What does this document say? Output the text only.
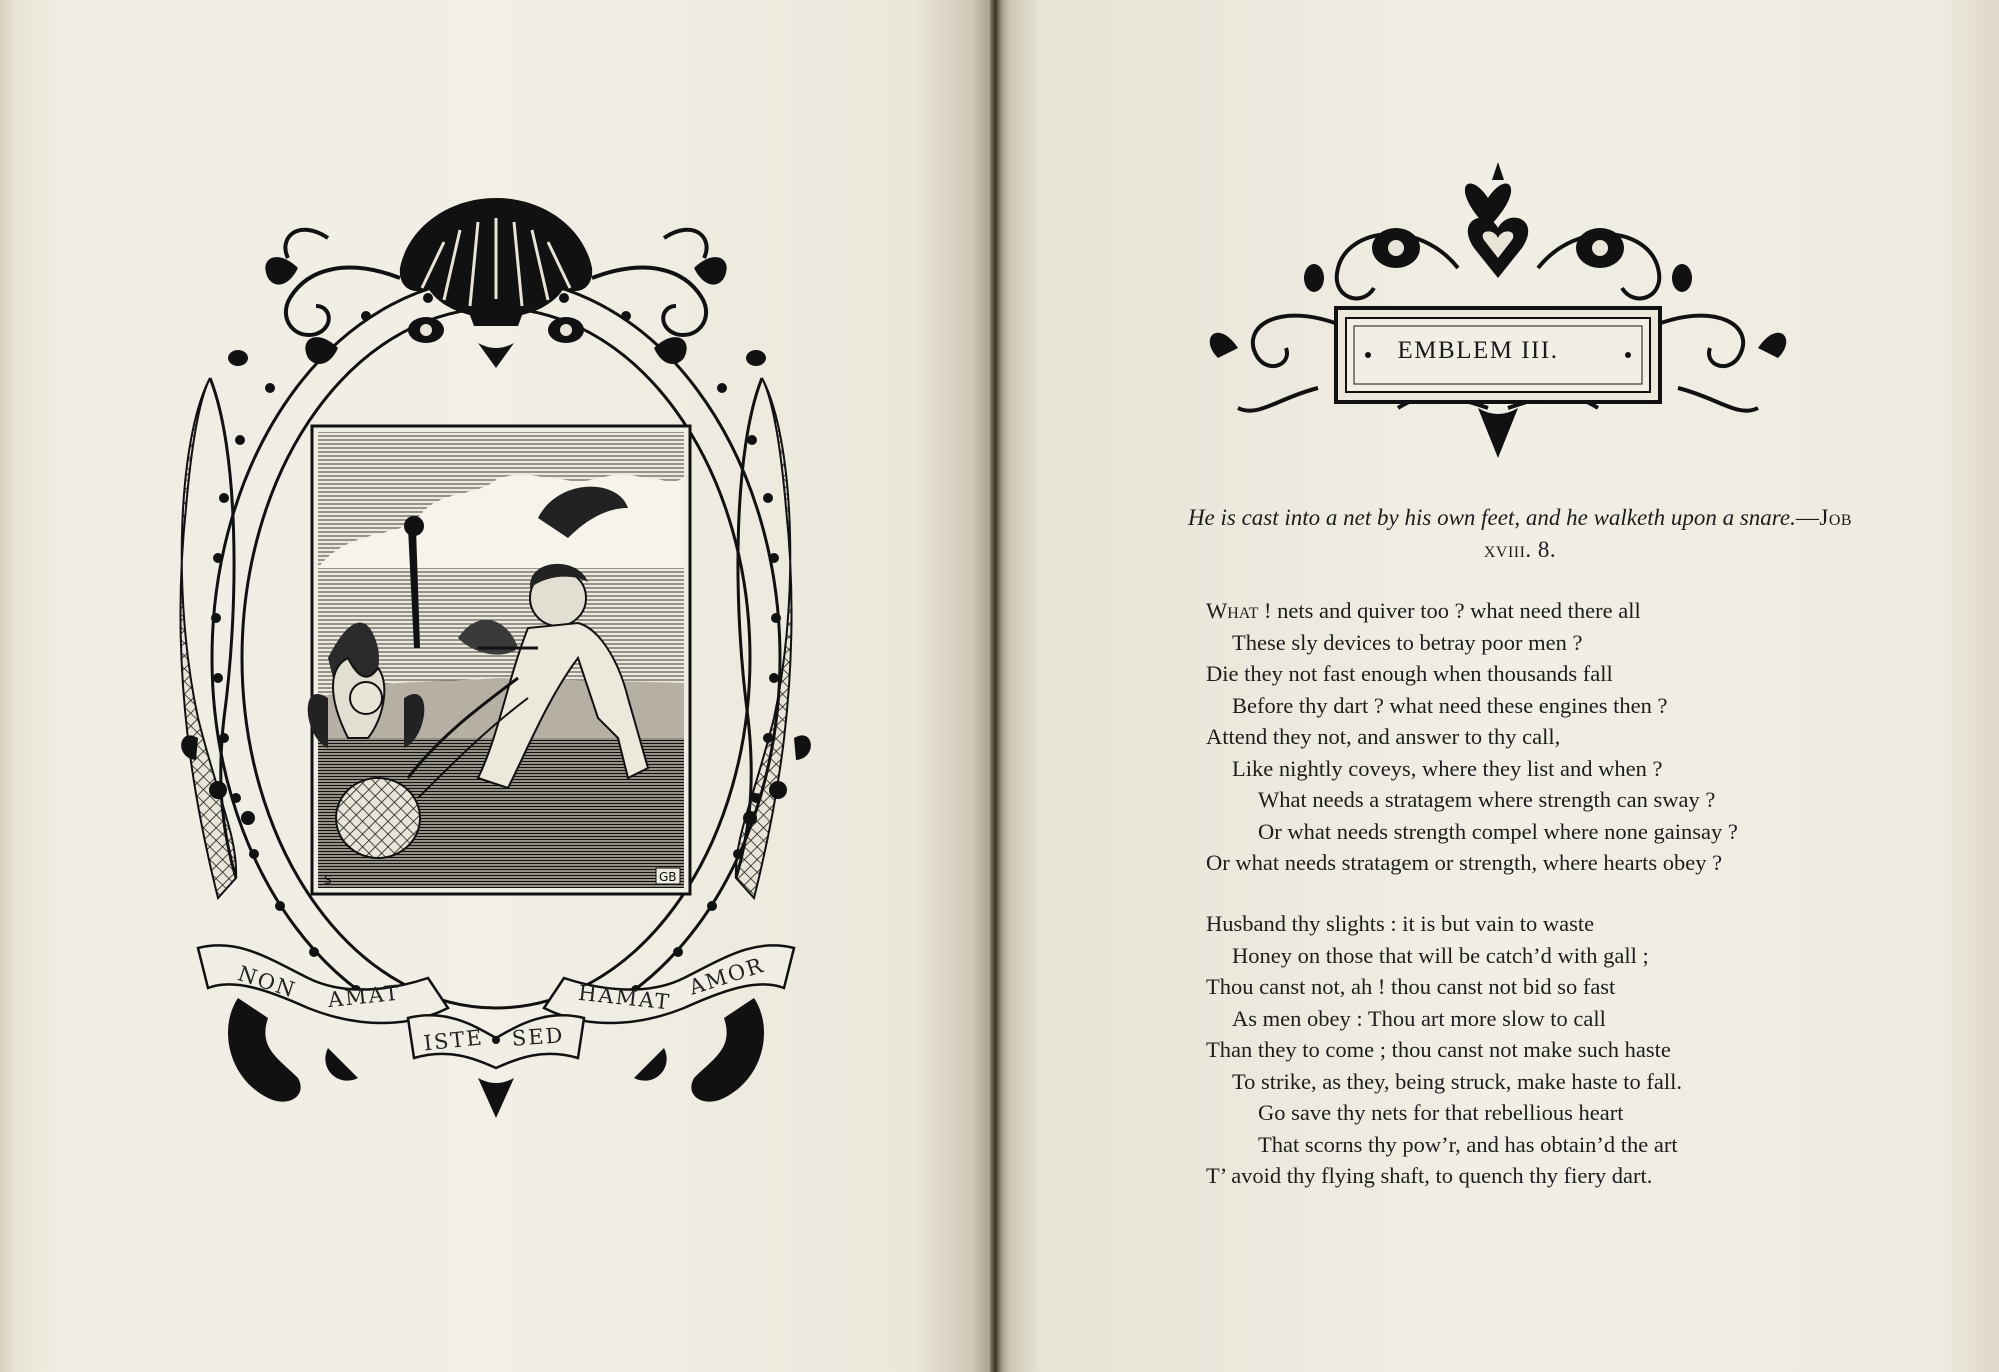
S	GB
NON AMAT	HAMAT AMOR
ISTE SED
EMBLEM III.
He is cast into a net by his own feet, and he walketh upon a snare.—Job xviii. 8.
What ! nets and quiver too ? what need there all
These sly devices to betray poor men ?
Die they not fast enough when thousands fall
Before thy dart ? what need these engines then ?
Attend they not, and answer to thy call,
Like nightly coveys, where they list and when ?
What needs a stratagem where strength can sway ?
Or what needs strength compel where none gainsay ?
Or what needs stratagem or strength, where hearts obey ?
Husband thy slights : it is but vain to waste
Honey on those that will be catch’d with gall ;
Thou canst not, ah ! thou canst not bid so fast
As men obey : Thou art more slow to call
Than they to come ; thou canst not make such haste
To strike, as they, being struck, make haste to fall.
Go save thy nets for that rebellious heart
That scorns thy pow’r, and has obtain’d the art
T’ avoid thy flying shaft, to quench thy fiery dart.
